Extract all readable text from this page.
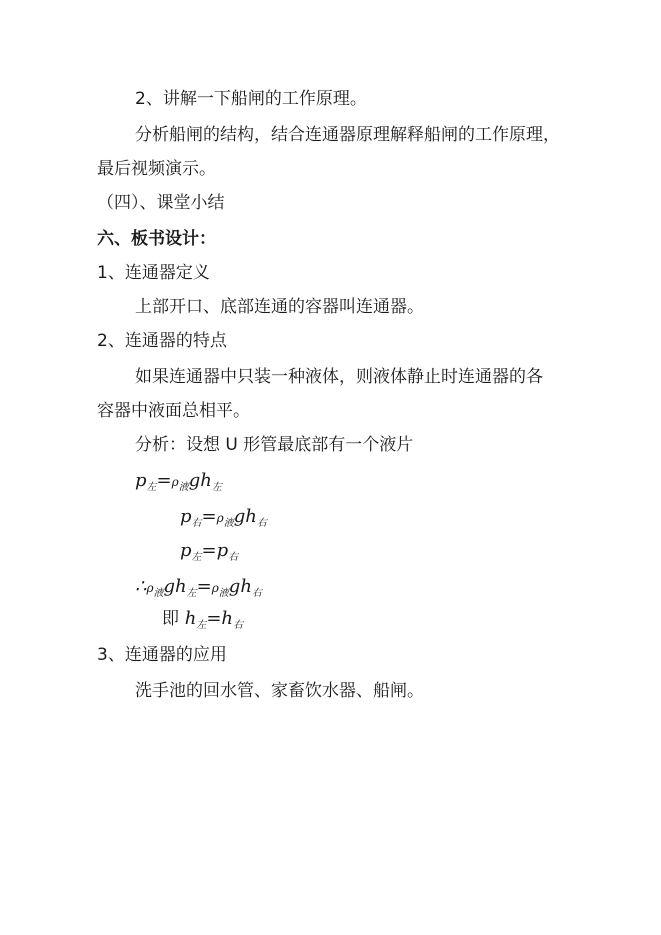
2、讲解一下船闸的工作原理。
分析船闸的结构，结合连通器原理解释船闸的工作原理，
最后视频演示。
（四）、课堂小结
六、板书设计：
1、连通器定义
上部开口、底部连通的容器叫连通器。
2、连通器的特点
如果连通器中只装一种液体，则液体静止时连通器的各
容器中液面总相平。
分析：设想 U 形管最底部有一个液片
$p_左=\rho_液gh_左$
$p_右=\rho_液gh_右$
$p_左=p_右$
$\therefore\rho_液gh_左=\rho_液gh_右$
即 $h_左=h_右$
3、连通器的应用
洗手池的回水管、家畜饮水器、船闸。
